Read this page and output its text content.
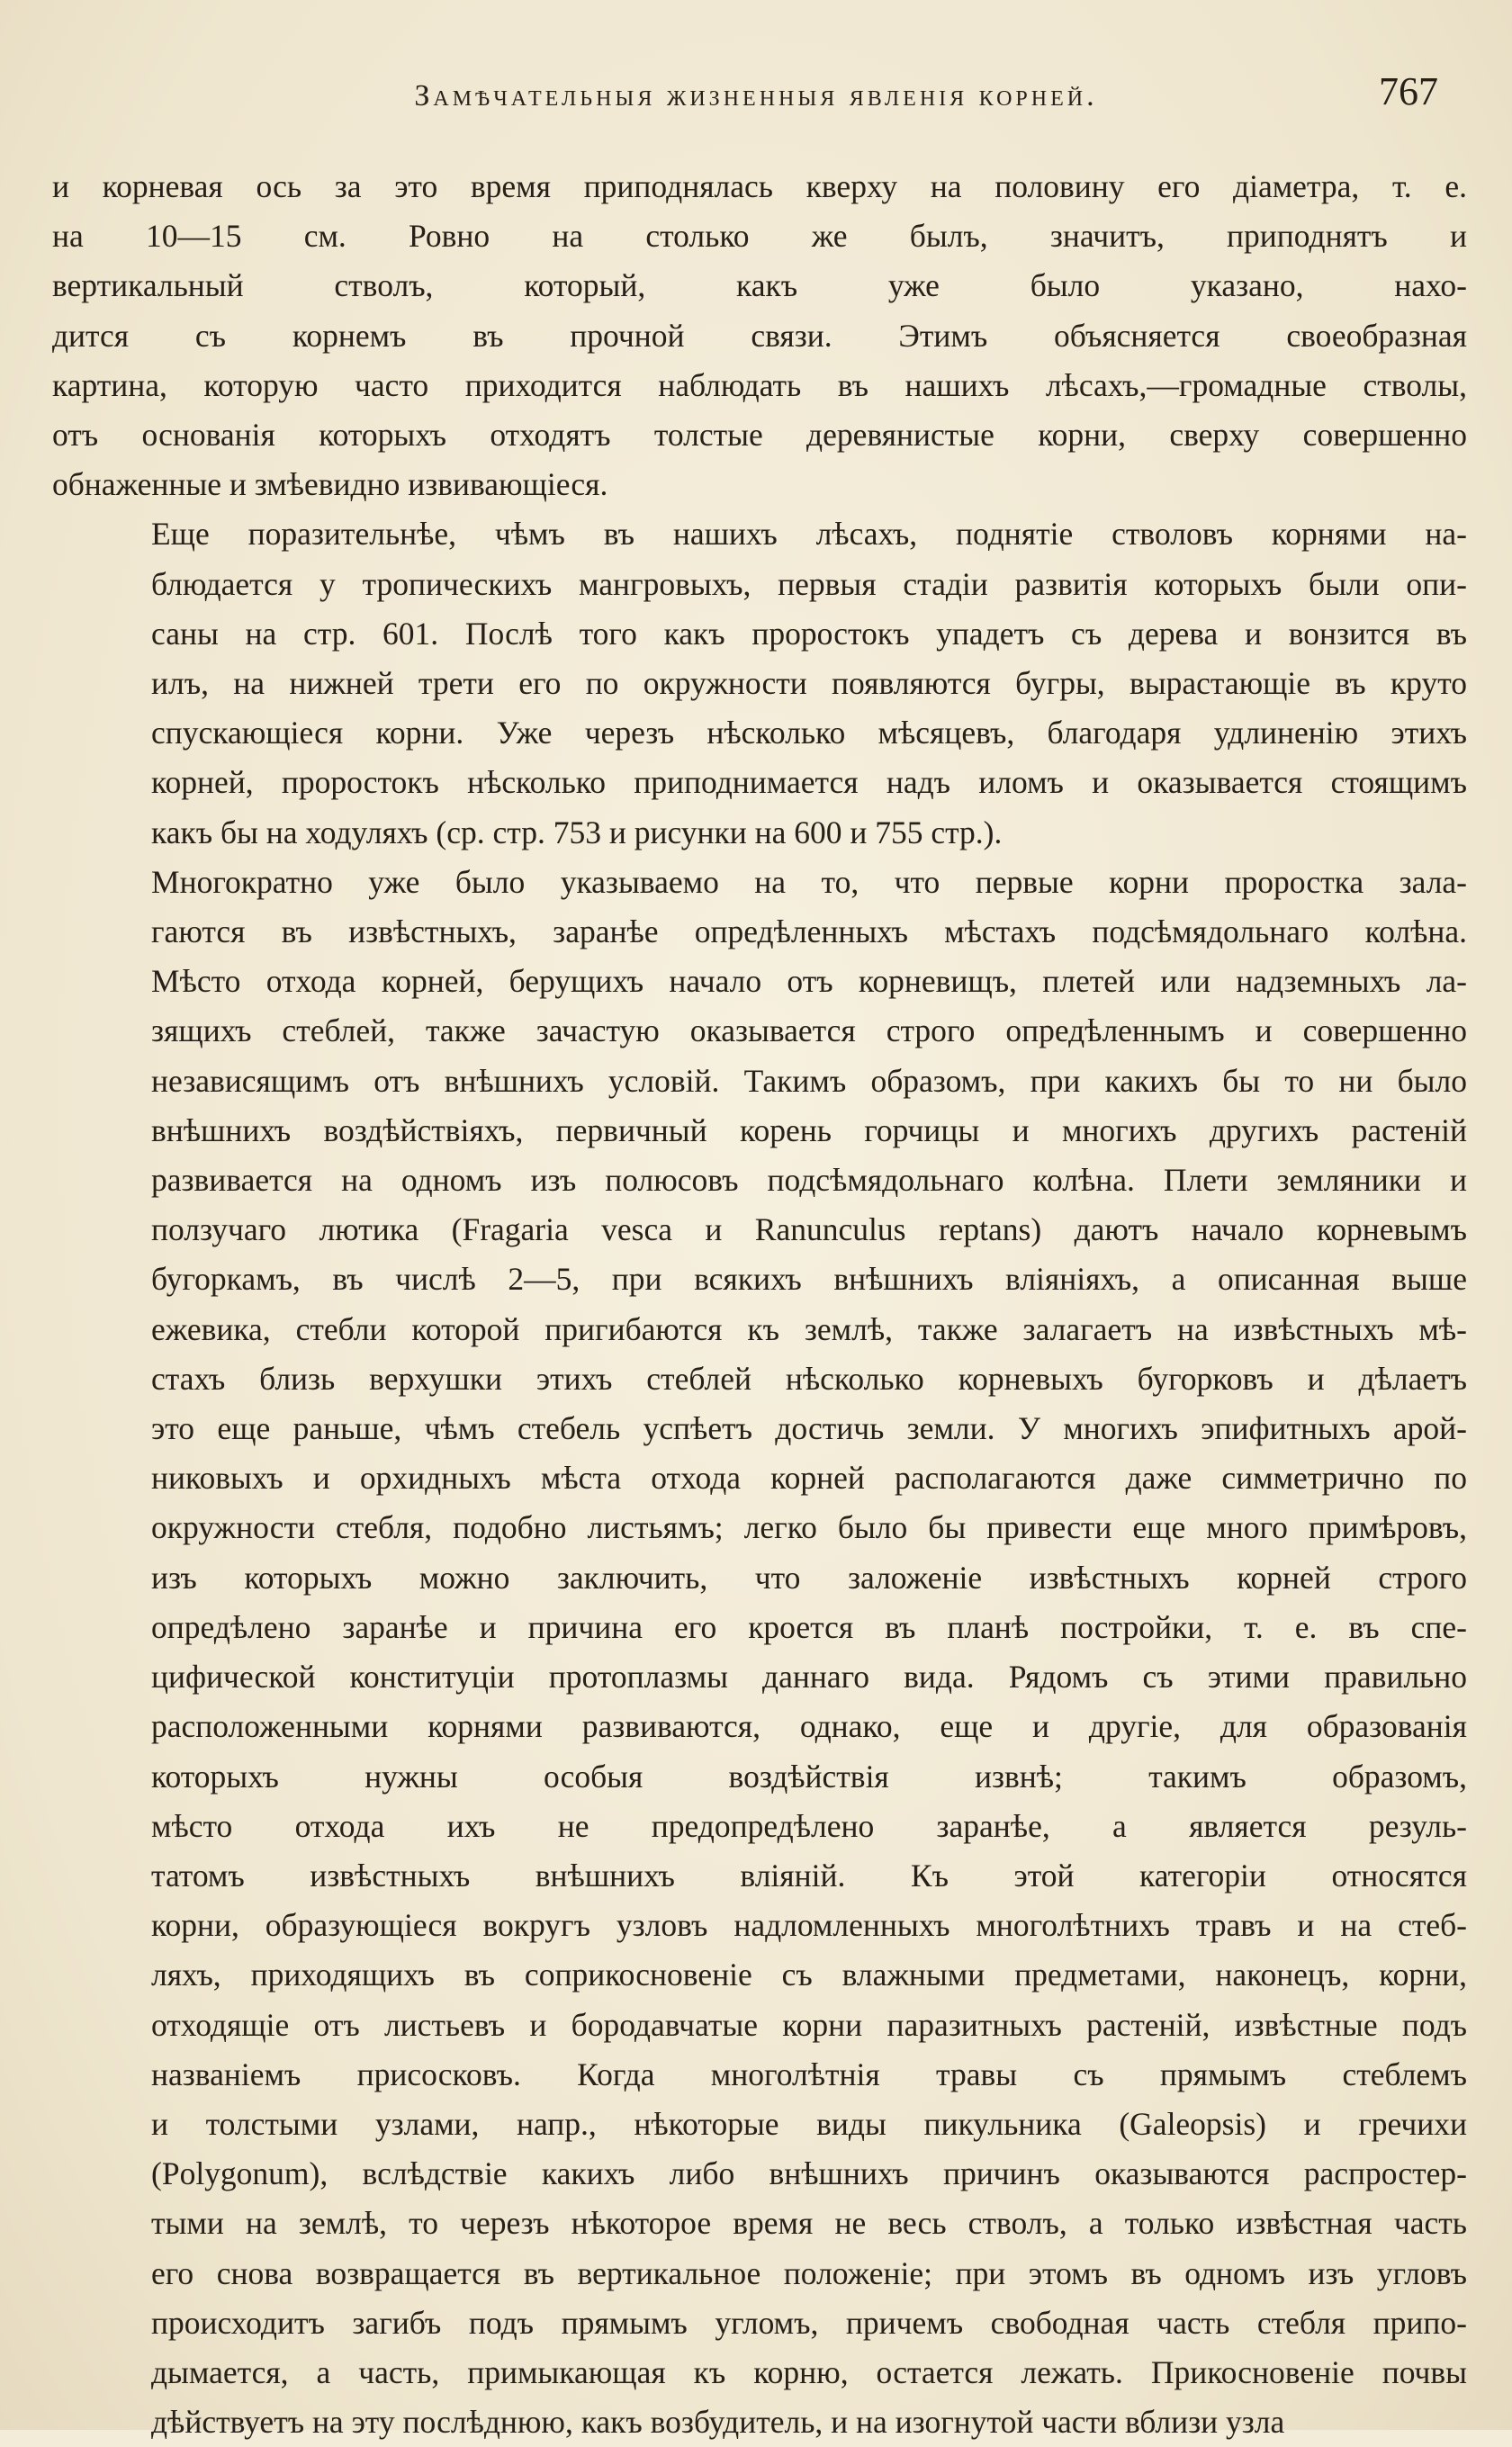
Замѣчательныя жизненныя явленія корней.	767
и корневая ось за это время приподнялась кверху на половину его діаметра, т. е.
на 10—15 см. Ровно на столько же былъ, значитъ, приподнятъ и
вертикальный стволъ, который, какъ уже было указано, нахо-
дится съ корнемъ въ прочной связи. Этимъ объясняется своеобразная
картина, которую часто приходится наблюдать въ нашихъ лѣсахъ,—громадные стволы,
отъ основанія которыхъ отходятъ толстые деревянистые корни, сверху совершенно
обнаженные и змѣевидно извивающіеся.
Еще поразительнѣе, чѣмъ въ нашихъ лѣсахъ, поднятіе стволовъ корнями на-
блюдается у тропическихъ мангровыхъ, первыя стадіи развитія которыхъ были опи-
саны на стр. 601. Послѣ того какъ проростокъ упадетъ съ дерева и вонзится въ
илъ, на нижней трети его по окружности появляются бугры, вырастающіе въ круто
спускающіеся корни. Уже черезъ нѣсколько мѣсяцевъ, благодаря удлиненію этихъ
корней, проростокъ нѣсколько приподнимается надъ иломъ и оказывается стоящимъ
какъ бы на ходуляхъ (ср. стр. 753 и рисунки на 600 и 755 стр.).
Многократно уже было указываемо на то, что первые корни проростка зала-
гаются въ извѣстныхъ, заранѣе опредѣленныхъ мѣстахъ подсѣмядольнаго колѣна.
Мѣсто отхода корней, берущихъ начало отъ корневищъ, плетей или надземныхъ ла-
зящихъ стеблей, также зачастую оказывается строго опредѣленнымъ и совершенно
независящимъ отъ внѣшнихъ условій. Такимъ образомъ, при какихъ бы то ни было
внѣшнихъ воздѣйствіяхъ, первичный корень горчицы и многихъ другихъ растеній
развивается на одномъ изъ полюсовъ подсѣмядольнаго колѣна. Плети земляники и
ползучаго лютика (Fragaria vesca и Ranunculus reptans) даютъ начало корневымъ
бугоркамъ, въ числѣ 2—5, при всякихъ внѣшнихъ вліяніяхъ, а описанная выше
ежевика, стебли которой пригибаются къ землѣ, также залагаетъ на извѣстныхъ мѣ-
стахъ близь верхушки этихъ стеблей нѣсколько корневыхъ бугорковъ и дѣлаетъ
это еще раньше, чѣмъ стебель успѣетъ достичь земли. У многихъ эпифитныхъ арой-
никовыхъ и орхидныхъ мѣста отхода корней располагаются даже симметрично по
окружности стебля, подобно листьямъ; легко было бы привести еще много примѣровъ,
изъ которыхъ можно заключить, что заложеніе извѣстныхъ корней строго
опредѣлено заранѣе и причина его кроется въ планѣ постройки, т. е. въ спе-
цифической конституціи протоплазмы даннаго вида. Рядомъ съ этими правильно
расположенными корнями развиваются, однако, еще и другіе, для образованія
которыхъ нужны особыя воздѣйствія извнѣ; такимъ образомъ,
мѣсто отхода ихъ не предопредѣлено заранѣе, а является резуль-
татомъ извѣстныхъ внѣшнихъ вліяній. Къ этой категоріи относятся
корни, образующіеся вокругъ узловъ надломленныхъ многолѣтнихъ травъ и на стеб-
ляхъ, приходящихъ въ соприкосновеніе съ влажными предметами, наконецъ, корни,
отходящіе отъ листьевъ и бородавчатые корни паразитныхъ растеній, извѣстные подъ
названіемъ присосковъ. Когда многолѣтнія травы съ прямымъ стеблемъ
и толстыми узлами, напр., нѣкоторые виды пикульника (Galeopsis) и гречихи
(Polygonum), вслѣдствіе какихъ либо внѣшнихъ причинъ оказываются распростер-
тыми на землѣ, то черезъ нѣкоторое время не весь стволъ, а только извѣстная часть
его снова возвращается въ вертикальное положеніе; при этомъ въ одномъ изъ угловъ
происходитъ загибъ подъ прямымъ угломъ, причемъ свободная часть стебля припо-
дымается, а часть, примыкающая къ корню, остается лежать. Прикосновеніе почвы
дѣйствуетъ на эту послѣднюю, какъ возбудитель, и на изогнутой части вблизи узла
